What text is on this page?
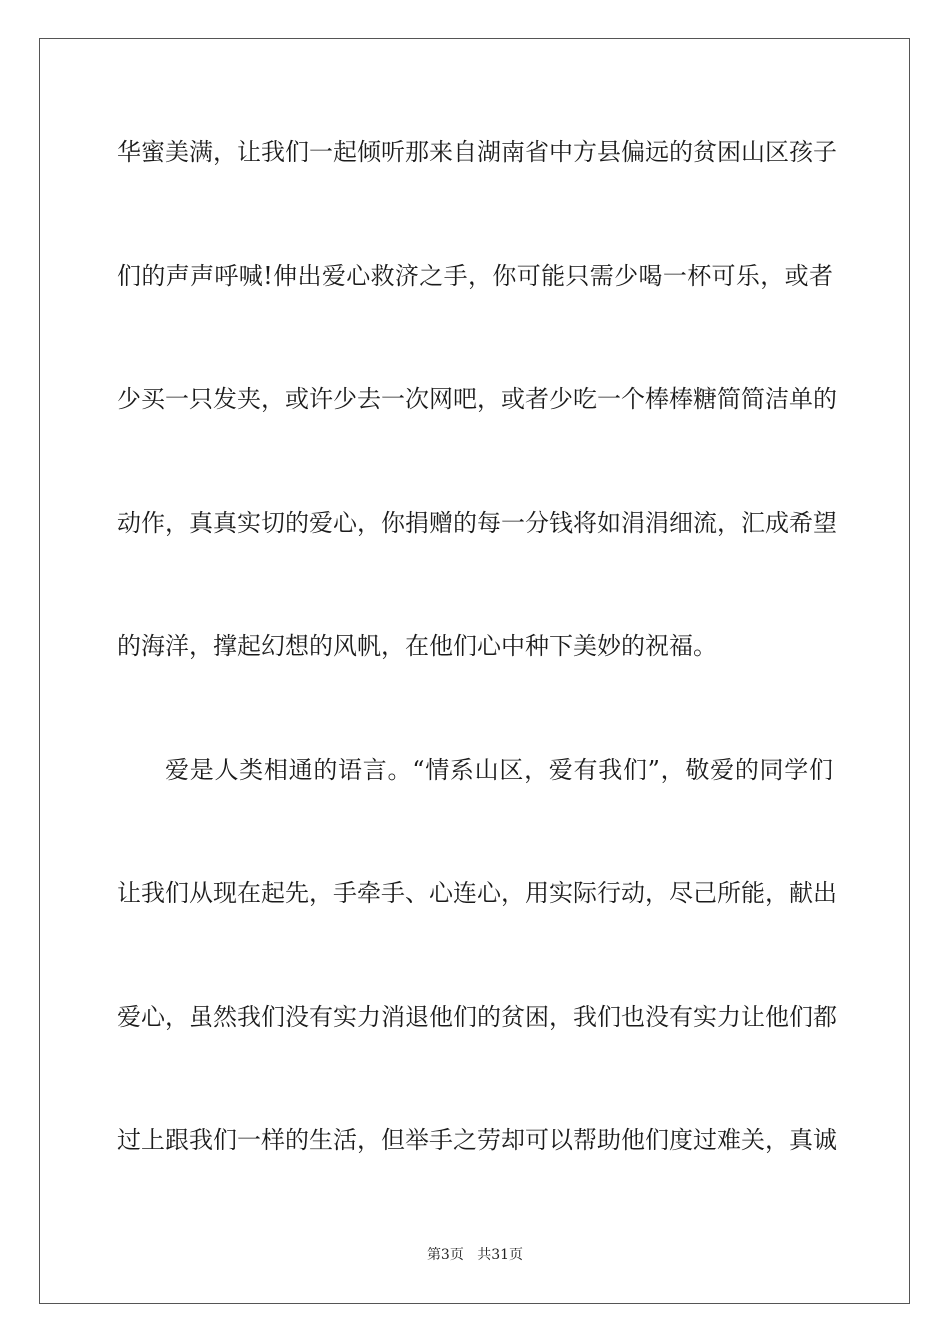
华蜜美满，让我们一起倾听那来自湖南省中方县偏远的贫困山区孩子
们的声声呼喊!伸出爱心救济之手，你可能只需少喝一杯可乐，或者
少买一只发夹，或许少去一次网吧，或者少吃一个棒棒糖简简洁单的
动作，真真实切的爱心，你捐赠的每一分钱将如涓涓细流，汇成希望
的海洋，撑起幻想的风帆，在他们心中种下美妙的祝福。
爱是人类相通的语言。“情系山区，爱有我们”，敬爱的同学们
让我们从现在起先，手牵手、心连心，用实际行动，尽己所能，献出
爱心，虽然我们没有实力消退他们的贫困，我们也没有实力让他们都
过上跟我们一样的生活，但举手之劳却可以帮助他们度过难关，真诚
第3页 共31页
